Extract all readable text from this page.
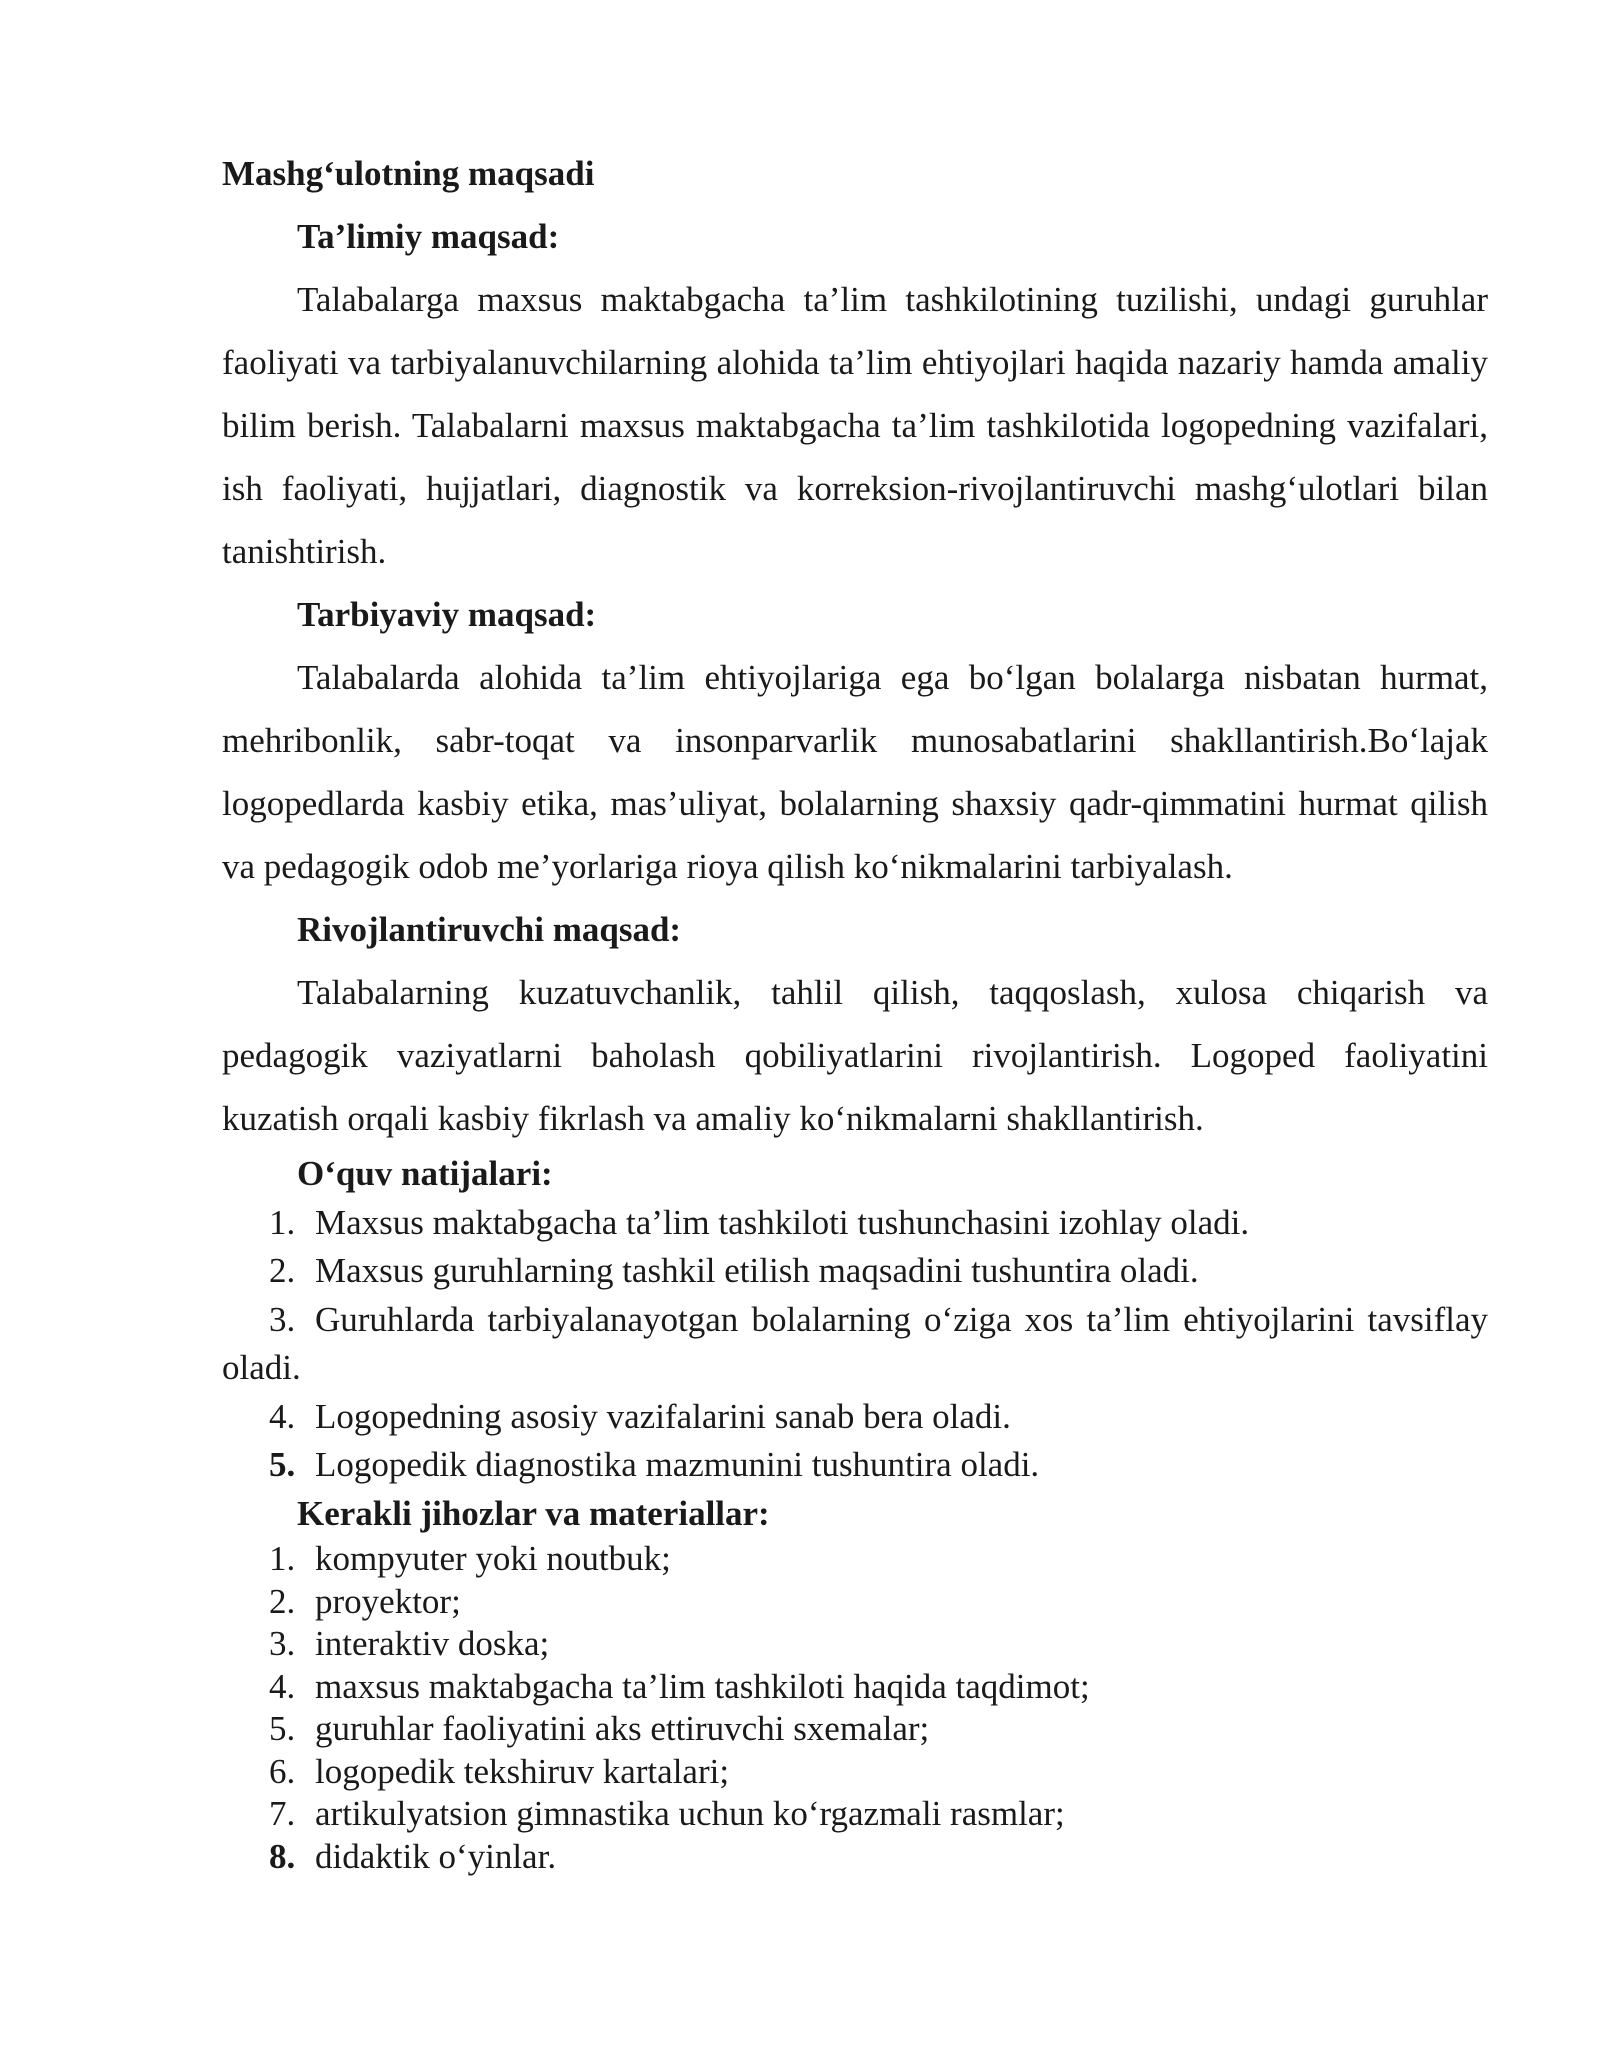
Mashg‘ulotning maqsadi

Ta’limiy maqsad:

Talabalarga maxsus maktabgacha ta’lim tashkilotining tuzilishi, undagi guruhlar faoliyati va tarbiyalanuvchilarning alohida ta’lim ehtiyojlari haqida nazariy hamda amaliy bilim berish. Talabalarni maxsus maktabgacha ta’lim tashkilotida logopedning vazifalari, ish faoliyati, hujjatlari, diagnostik va korreksion-rivojlantiruvchi mashg‘ulotlari bilan tanishtirish.

Tarbiyaviy maqsad:

Talabalarda alohida ta’lim ehtiyojlariga ega bo‘lgan bolalarga nisbatan hurmat, mehribonlik, sabr-toqat va insonparvarlik munosabatlarini shakllantirish.Bo‘lajak logopedlarda kasbiy etika, mas’uliyat, bolalarning shaxsiy qadr-qimmatini hurmat qilish va pedagogik odob me’yorlariga rioya qilish ko‘nikmalarini tarbiyalash.

Rivojlantiruvchi maqsad:

Talabalarning kuzatuvchanlik, tahlil qilish, taqqoslash, xulosa chiqarish va pedagogik vaziyatlarni baholash qobiliyatlarini rivojlantirish. Logoped faoliyatini kuzatish orqali kasbiy fikrlash va amaliy ko‘nikmalarni shakllantirish.

O‘quv natijalari:

1. Maxsus maktabgacha ta’lim tashkiloti tushunchasini izohlay oladi.
2. Maxsus guruhlarning tashkil etilish maqsadini tushuntira oladi.
3. Guruhlarda tarbiyalanayotgan bolalarning o‘ziga xos ta’lim ehtiyojlarini tavsiflay oladi.
4. Logopedning asosiy vazifalarini sanab bera oladi.
5. Logopedik diagnostika mazmunini tushuntira oladi.

Kerakli jihozlar va materiallar:

1. kompyuter yoki noutbuk;
2. proyektor;
3. interaktiv doska;
4. maxsus maktabgacha ta’lim tashkiloti haqida taqdimot;
5. guruhlar faoliyatini aks ettiruvchi sxemalar;
6. logopedik tekshiruv kartalari;
7. artikulyatsion gimnastika uchun ko‘rgazmali rasmlar;
8. didaktik o‘yinlar.
